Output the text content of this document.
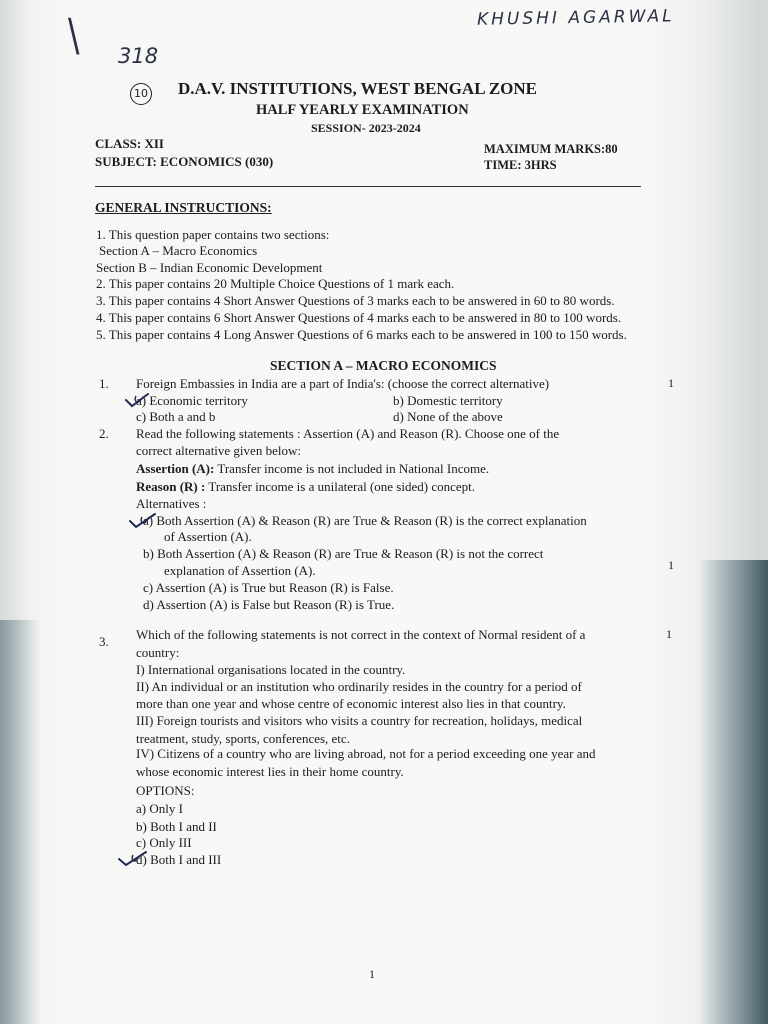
KHUSHI AGARWAL
\ 318
10 D.A.V. INSTITUTIONS, WEST BENGAL ZONE
HALF YEARLY EXAMINATION
SESSION- 2023-2024
CLASS: XII
SUBJECT: ECONOMICS (030)
MAXIMUM MARKS:80
TIME: 3HRS
GENERAL INSTRUCTIONS:
1. This question paper contains two sections:
Section A – Macro Economics
Section B – Indian Economic Development
2. This paper contains 20 Multiple Choice Questions of 1 mark each.
3. This paper contains 4 Short Answer Questions of 3 marks each to be answered in 60 to 80 words.
4. This paper contains 6 Short Answer Questions of 4 marks each to be answered in 80 to 100 words.
5. This paper contains 4 Long Answer Questions of 6 marks each to be answered in 100 to 150 words.
SECTION A – MACRO ECONOMICS
1. Foreign Embassies in India are a part of India's: (choose the correct alternative)	1
a) Economic territory	b) Domestic territory
c) Both a and b	d) None of the above
2. Read the following statements : Assertion (A) and Reason (R). Choose one of the
correct alternative given below:
Assertion (A): Transfer income is not included in National Income.
Reason (R) : Transfer income is a unilateral (one sided) concept.
Alternatives :
a) Both Assertion (A) & Reason (R) are True & Reason (R) is the correct explanation
of Assertion (A).
b) Both Assertion (A) & Reason (R) are True & Reason (R) is not the correct
explanation of Assertion (A).
c) Assertion (A) is True but Reason (R) is False.
d) Assertion (A) is False but Reason (R) is True.
1
3. Which of the following statements is not correct in the context of Normal resident of a
country:
1
I) International organisations located in the country.
II) An individual or an institution who ordinarily resides in the country for a period of
more than one year and whose centre of economic interest also lies in that country.
III) Foreign tourists and visitors who visits a country for recreation, holidays, medical
treatment, study, sports, conferences, etc.
IV) Citizens of a country who are living abroad, not for a period exceeding one year and
whose economic interest lies in their home country.
OPTIONS:
a) Only I
b) Both I and II
c) Only III
d) Both I and III
1
